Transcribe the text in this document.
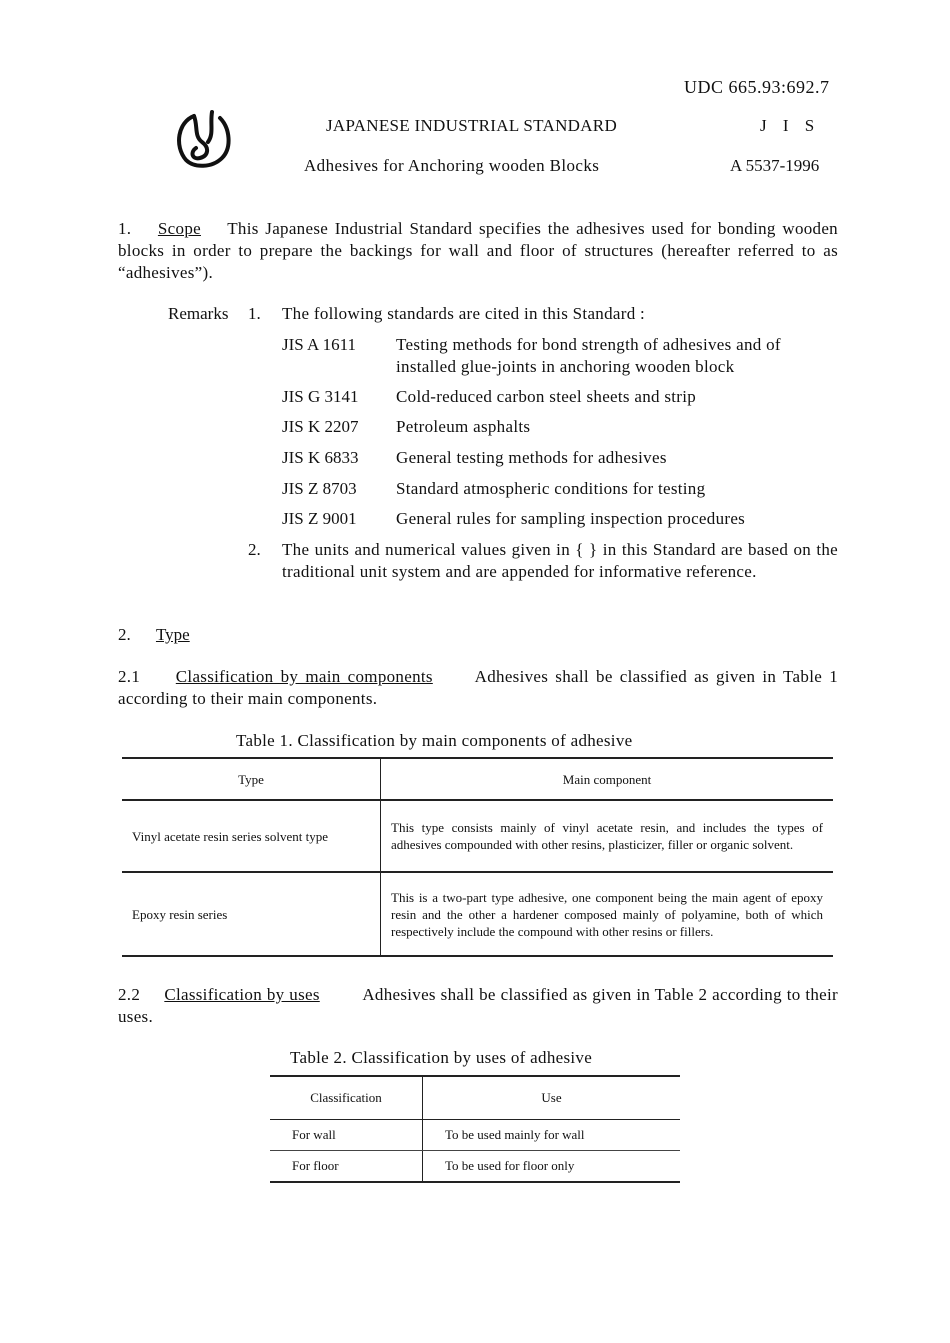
UDC 665.93:692.7
JAPANESE INDUSTRIAL STANDARD	J I S
Adhesives for Anchoring wooden Blocks	A 5537-1996
1. Scope This Japanese Industrial Standard specifies the adhesives used for bonding wooden blocks in order to prepare the backings for wall and floor of structures (hereafter referred to as “adhesives”).
Remarks 1. The following standards are cited in this Standard :
JIS A 1611 Testing methods for bond strength of adhesives and of installed glue-joints in anchoring wooden block
JIS G 3141 Cold-reduced carbon steel sheets and strip
JIS K 2207 Petroleum asphalts
JIS K 6833 General testing methods for adhesives
JIS Z 8703 Standard atmospheric conditions for testing
JIS Z 9001 General rules for sampling inspection procedures
2. The units and numerical values given in { } in this Standard are based on the traditional unit system and are appended for informative reference.
2. Type
2.1 Classification by main components Adhesives shall be classified as given in Table 1 according to their main components.
Table 1. Classification by main components of adhesive
Type	Main component
Vinyl acetate resin series solvent type	This type consists mainly of vinyl acetate resin, and includes the types of adhesives compounded with other resins, plasticizer, filler or organic solvent.
Epoxy resin series	This is a two-part type adhesive, one component being the main agent of epoxy resin and the other a hardener composed mainly of polyamine, both of which respectively include the compound with other resins or fillers.
2.2 Classification by uses	Adhesives shall be classified as given in Table 2 according to their uses.
Table 2. Classification by uses of adhesive
Classification	Use
For wall	To be used mainly for wall
For floor	To be used for floor only
